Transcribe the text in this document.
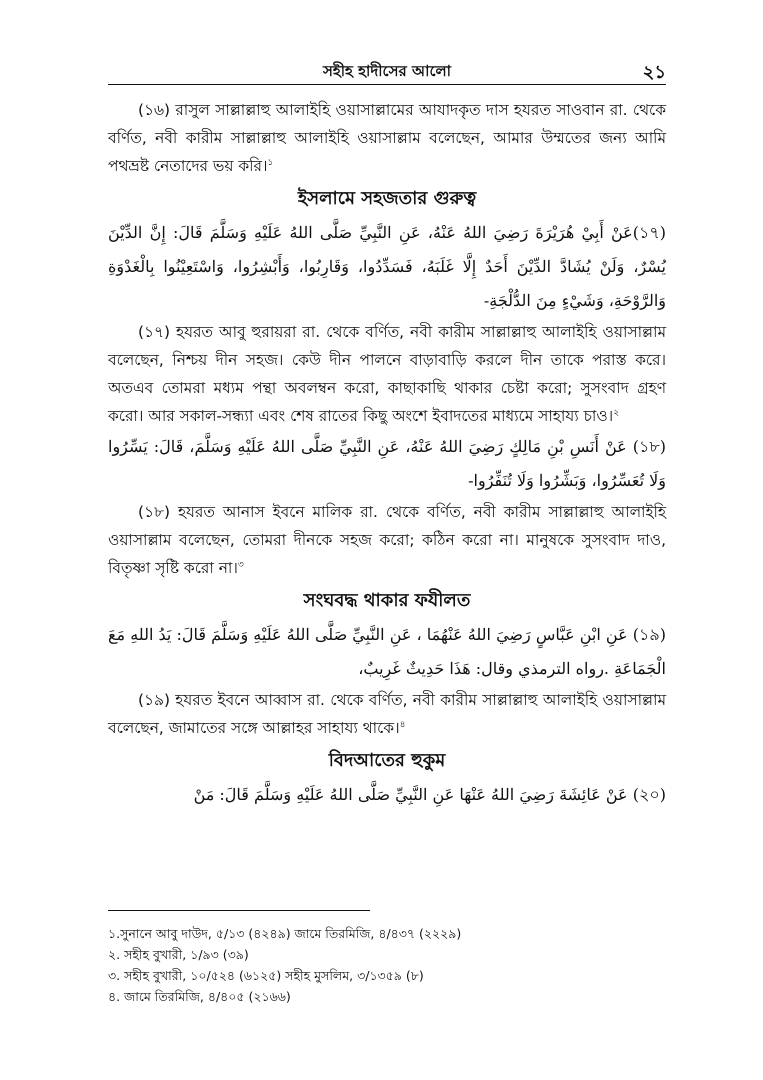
সহীহ হাদীসের আলো	২১

(১৬) রাসুল সাল্লাল্লাহু আলাইহি ওয়াসাল্লামের আযাদকৃত দাস হযরত সাওবান রা. থেকে বর্ণিত, নবী কারীম সাল্লাল্লাহু আলাইহি ওয়াসাল্লাম বলেছেন, আমার উম্মতের জন্য আমি পথভ্রষ্ট নেতাদের ভয় করি।$^১$

ইসলামে সহজতার গুরুত্ব

(১৭)عَنْ أَبِيْ هُرَيْرَةَ رَضِيَ اللهُ عَنْهُ، عَنِ النَّبِيِّ صَلَّى اللهُ عَلَيْهِ وَسَلَّمَ قَالَ: إِنَّ الدِّيْنَ يُسْرٌ، وَلَنْ يُشَادَّ الدِّيْنَ أَحَدٌ إِلَّا غَلَبَهُ، فَسَدِّدُوا، وَقَارِبُوا، وَأَبْشِرُوا، وَاسْتَعِيْنُوا بِالْغَدْوَةِ وَالرَّوْحَةِ، وَشَيْءٍ مِنَ الدُّلْجَةِ-

(১৭) হযরত আবু হুরায়রা রা. থেকে বর্ণিত, নবী কারীম সাল্লাল্লাহু আলাইহি ওয়াসাল্লাম বলেছেন, নিশ্চয় দীন সহজ। কেউ দীন পালনে বাড়াবাড়ি করলে দীন তাকে পরাস্ত করে। অতএব তোমরা মধ্যম পন্থা অবলম্বন করো, কাছাকাছি থাকার চেষ্টা করো; সুসংবাদ গ্রহণ করো। আর সকাল-সন্ধ্যা এবং শেষ রাতের কিছু অংশে ইবাদতের মাধ্যমে সাহায্য চাও।$^২$

(১৮) عَنْ أَنَسِ بْنِ مَالِكٍ رَضِيَ اللهُ عَنْهُ، عَنِ النَّبِيِّ صَلَّى اللهُ عَلَيْهِ وَسَلَّمَ، قَالَ: يَسِّرُوا وَلَا تُعَسِّرُوا، وَبَشِّرُوا وَلَا تُنَفِّرُوا-

(১৮) হযরত আনাস ইবনে মালিক রা. থেকে বর্ণিত, নবী কারীম সাল্লাল্লাহু আলাইহি ওয়াসাল্লাম বলেছেন, তোমরা দীনকে সহজ করো; কঠিন করো না। মানুষকে সুসংবাদ দাও, বিতৃষ্ণা সৃষ্টি করো না।$^৩$

সংঘবদ্ধ থাকার ফযীলত

(১৯) عَنِ ابْنِ عَبَّاسٍ رَضِيَ اللهُ عَنْهُمَا ، عَنِ النَّبِيِّ صَلَّى اللهُ عَلَيْهِ وَسَلَّمَ قَالَ: يَدُ اللهِ مَعَ الْجَمَاعَةِ .رواه الترمذي وقال: هَذَا حَدِيثٌ غَرِيبٌ،

(১৯) হযরত ইবনে আব্বাস রা. থেকে বর্ণিত, নবী কারীম সাল্লাল্লাহু আলাইহি ওয়াসাল্লাম বলেছেন, জামাতের সঙ্গে আল্লাহর সাহায্য থাকে।$^৪$

বিদআতের হুকুম

(২০) عَنْ عَائِشَةَ رَضِيَ اللهُ عَنْهَا عَنِ النَّبِيِّ صَلَّى اللهُ عَلَيْهِ وَسَلَّمَ قَالَ: مَنْ

১.সুনানে আবু দাউদ, ৫/১৩ (৪২৪৯) জামে তিরমিজি, ৪/৪৩৭ (২২২৯)
২. সহীহ বুখারী, ১/৯৩ (৩৯)
৩. সহীহ বুখারী, ১০/৫২৪ (৬১২৫) সহীহ মুসলিম, ৩/১৩৫৯ (৮)
৪. জামে তিরমিজি, ৪/৪০৫ (২১৬৬)
